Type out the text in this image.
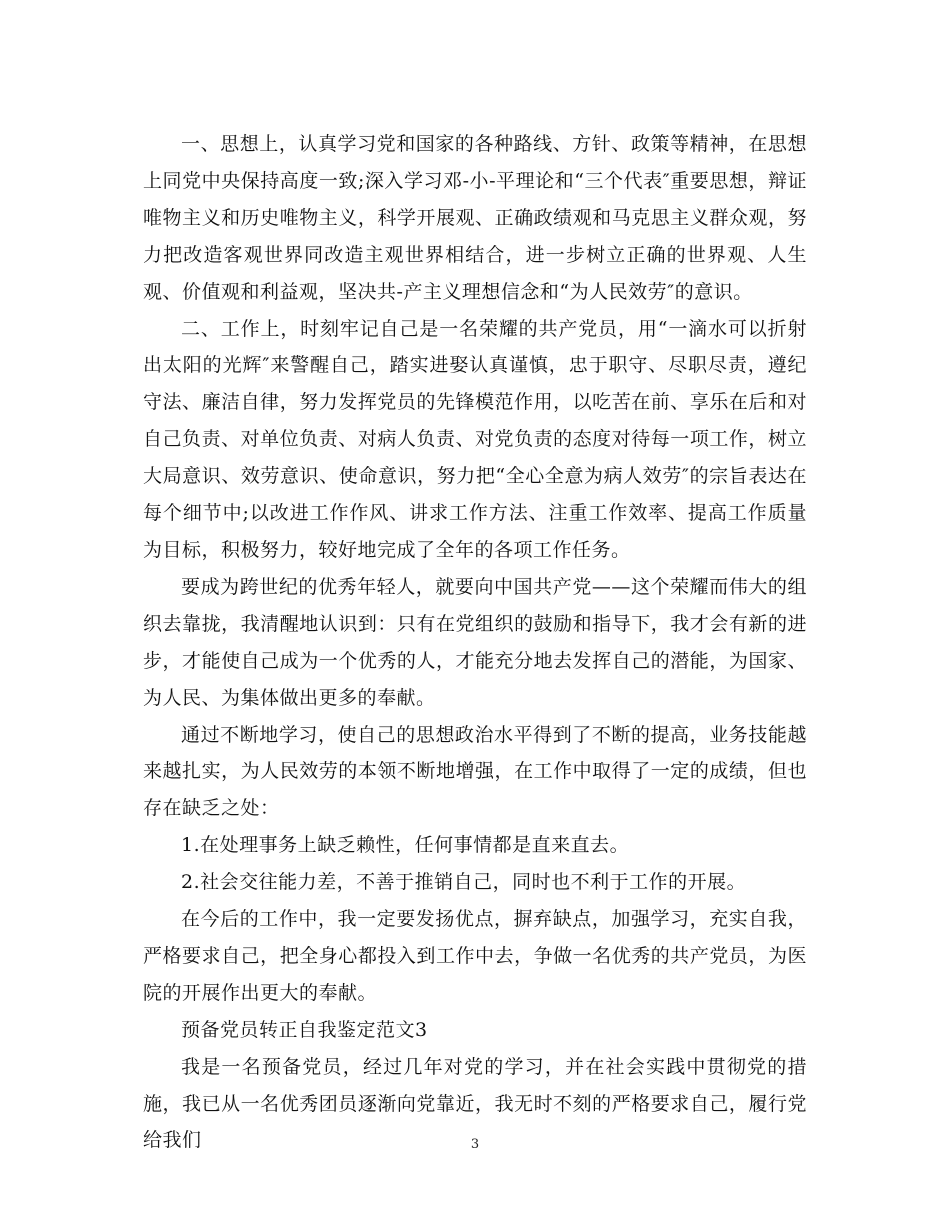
一、思想上，认真学习党和国家的各种路线、方针、政策等精神，在思想上同党中央保持高度一致;深入学习邓-小-平理论和“三个代表″重要思想，辩证唯物主义和历史唯物主义，科学开展观、正确政绩观和马克思主义群众观，努力把改造客观世界同改造主观世界相结合，进一步树立正确的世界观、人生观、价值观和利益观，坚决共-产主义理想信念和“为人民效劳″的意识。

二、工作上，时刻牢记自己是一名荣耀的共产党员，用“一滴水可以折射出太阳的光辉″来警醒自己，踏实进娶认真谨慎，忠于职守、尽职尽责，遵纪守法、廉洁自律，努力发挥党员的先锋模范作用，以吃苦在前、享乐在后和对自己负责、对单位负责、对病人负责、对党负责的态度对待每一项工作，树立大局意识、效劳意识、使命意识，努力把“全心全意为病人效劳″的宗旨表达在每个细节中;以改进工作作风、讲求工作方法、注重工作效率、提高工作质量为目标，积极努力，较好地完成了全年的各项工作任务。

要成为跨世纪的优秀年轻人，就要向中国共产党——这个荣耀而伟大的组织去靠拢，我清醒地认识到：只有在党组织的鼓励和指导下，我才会有新的进步，才能使自己成为一个优秀的人，才能充分地去发挥自己的潜能，为国家、为人民、为集体做出更多的奉献。

通过不断地学习，使自己的思想政治水平得到了不断的提高，业务技能越来越扎实，为人民效劳的本领不断地增强，在工作中取得了一定的成绩，但也存在缺乏之处：

1.在处理事务上缺乏赖性，任何事情都是直来直去。

2.社会交往能力差，不善于推销自己，同时也不利于工作的开展。

在今后的工作中，我一定要发扬优点，摒弃缺点，加强学习，充实自我，严格要求自己，把全身心都投入到工作中去，争做一名优秀的共产党员，为医院的开展作出更大的奉献。

预备党员转正自我鉴定范文3

我是一名预备党员，经过几年对党的学习，并在社会实践中贯彻党的措施，我已从一名优秀团员逐渐向党靠近，我无时不刻的严格要求自己，履行党给我们	3
